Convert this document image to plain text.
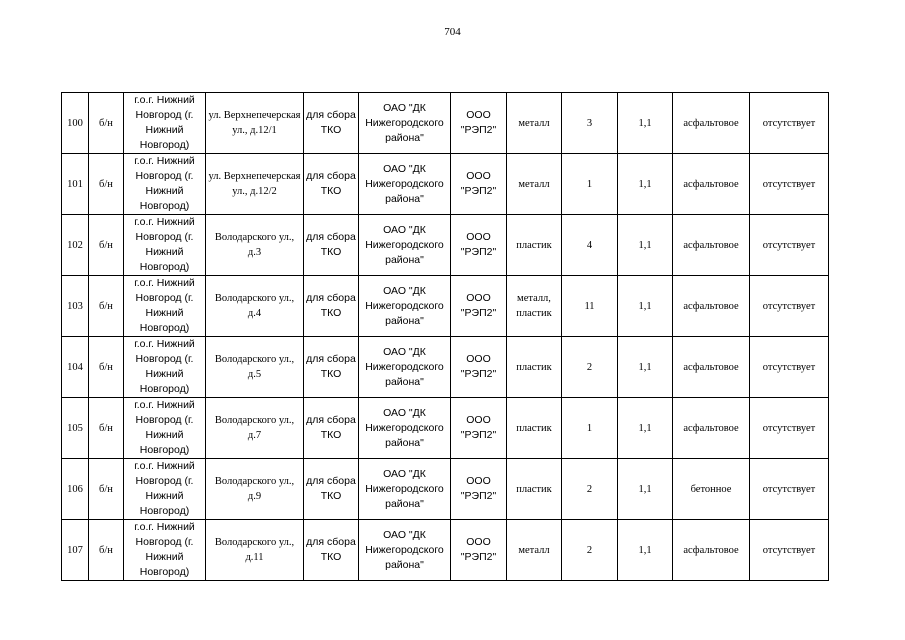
704
100	б/н	г.о.г. Нижний Новгород (г. Нижний Новгород)	ул. Верхнепечерская ул., д.12/1	для сбора ТКО	ОАО "ДК Нижегородского района"	ООО "РЭП2"	металл	3	1,1	асфальтовое	отсутствует
101	б/н	г.о.г. Нижний Новгород (г. Нижний Новгород)	ул. Верхнепечерская ул., д.12/2	для сбора ТКО	ОАО "ДК Нижегородского района"	ООО "РЭП2"	металл	1	1,1	асфальтовое	отсутствует
102	б/н	г.о.г. Нижний Новгород (г. Нижний Новгород)	Володарского ул., д.3	для сбора ТКО	ОАО "ДК Нижегородского района"	ООО "РЭП2"	пластик	4	1,1	асфальтовое	отсутствует
103	б/н	г.о.г. Нижний Новгород (г. Нижний Новгород)	Володарского ул., д.4	для сбора ТКО	ОАО "ДК Нижегородского района"	ООО "РЭП2"	металл, пластик	11	1,1	асфальтовое	отсутствует
104	б/н	г.о.г. Нижний Новгород (г. Нижний Новгород)	Володарского ул., д.5	для сбора ТКО	ОАО "ДК Нижегородского района"	ООО "РЭП2"	пластик	2	1,1	асфальтовое	отсутствует
105	б/н	г.о.г. Нижний Новгород (г. Нижний Новгород)	Володарского ул., д.7	для сбора ТКО	ОАО "ДК Нижегородского района"	ООО "РЭП2"	пластик	1	1,1	асфальтовое	отсутствует
106	б/н	г.о.г. Нижний Новгород (г. Нижний Новгород)	Володарского ул., д.9	для сбора ТКО	ОАО "ДК Нижегородского района"	ООО "РЭП2"	пластик	2	1,1	бетонное	отсутствует
107	б/н	г.о.г. Нижний Новгород (г. Нижний Новгород)	Володарского ул., д.11	для сбора ТКО	ОАО "ДК Нижегородского района"	ООО "РЭП2"	металл	2	1,1	асфальтовое	отсутствует
